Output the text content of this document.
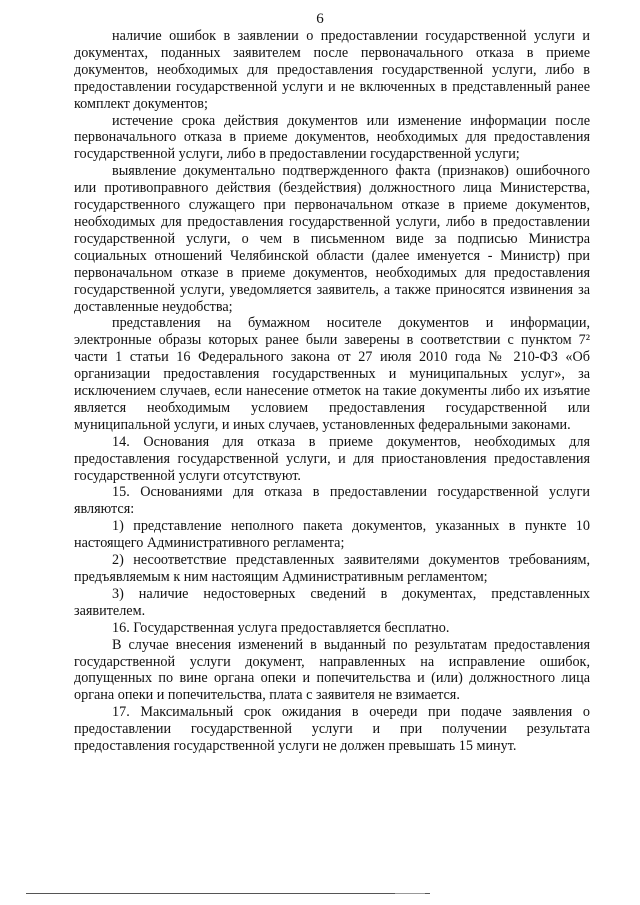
6

наличие ошибок в заявлении о предоставлении государственной услуги и документах, поданных заявителем после первоначального отказа в приеме документов, необходимых для предоставления государственной услуги, либо в предоставлении государственной услуги и не включенных в представленный ранее комплект документов;

истечение срока действия документов или изменение информации после первоначального отказа в приеме документов, необходимых для предоставления государственной услуги, либо в предоставлении государственной услуги;

выявление документально подтвержденного факта (признаков) ошибочного или противоправного действия (бездействия) должностного лица Министерства, государственного служащего при первоначальном отказе в приеме документов, необходимых для предоставления государственной услуги, либо в предоставлении государственной услуги, о чем в письменном виде за подписью Министра социальных отношений Челябинской области (далее именуется - Министр) при первоначальном отказе в приеме документов, необходимых для предоставления государственной услуги, уведомляется заявитель, а также приносятся извинения за доставленные неудобства;

представления на бумажном носителе документов и информации, электронные образы которых ранее были заверены в соответствии с пунктом 7² части 1 статьи 16 Федерального закона от 27 июля 2010 года № 210-ФЗ «Об организации предоставления государственных и муниципальных услуг», за исключением случаев, если нанесение отметок на такие документы либо их изъятие является необходимым условием предоставления государственной или муниципальной услуги, и иных случаев, установленных федеральными законами.

14. Основания для отказа в приеме документов, необходимых для предоставления государственной услуги, и для приостановления предоставления государственной услуги отсутствуют.

15. Основаниями для отказа в предоставлении государственной услуги являются:

1) представление неполного пакета документов, указанных в пункте 10 настоящего Административного регламента;

2) несоответствие представленных заявителями документов требованиям, предъявляемым к ним настоящим Административным регламентом;

3) наличие недостоверных сведений в документах, представленных заявителем.

16. Государственная услуга предоставляется бесплатно.

В случае внесения изменений в выданный по результатам предоставления государственной услуги документ, направленных на исправление ошибок, допущенных по вине органа опеки и попечительства и (или) должностного лица органа опеки и попечительства, плата с заявителя не взимается.

17. Максимальный срок ожидания в очереди при подаче заявления о предоставлении государственной услуги и при получении результата предоставления государственной услуги не должен превышать 15 минут.
